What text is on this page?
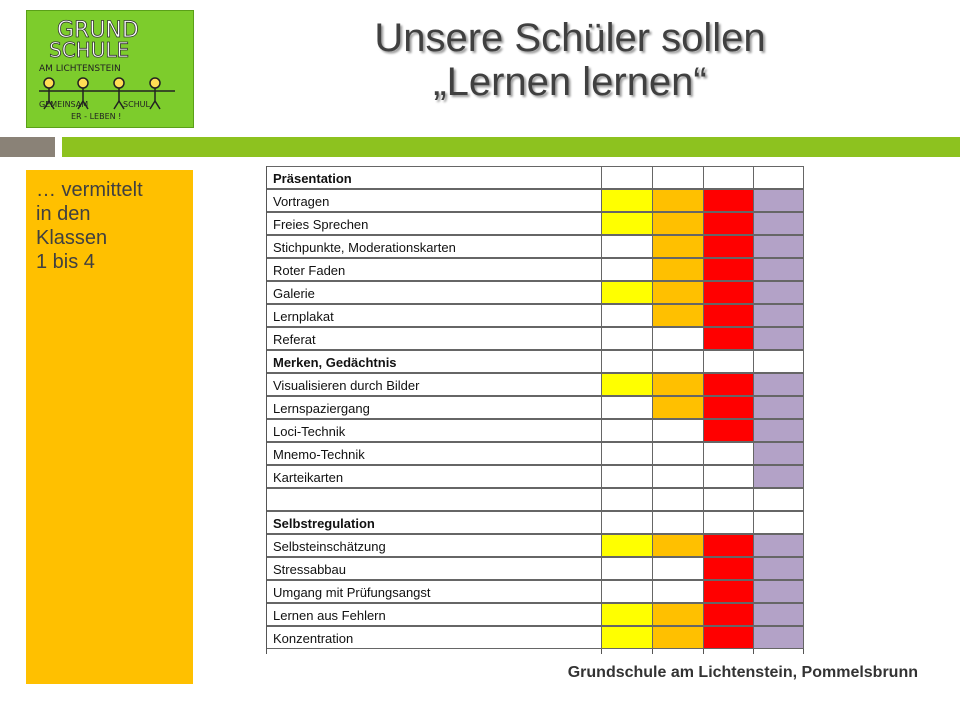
GRUND
SCHULE
AM LICHTENSTEIN
GEMEINSAM	SCHUL
ER - LEBEN !
Unsere Schüler sollen
„Lernen lernen“
… vermittelt
in den
Klassen
1 bis 4
Präsentation
Vortragen
Freies Sprechen
Stichpunkte, Moderationskarten
Roter Faden
Galerie
Lernplakat
Referat
Merken, Gedächtnis
Visualisieren durch Bilder
Lernspaziergang
Loci-Technik
Mnemo-Technik
Karteikarten
Selbstregulation
Selbsteinschätzung
Stressabbau
Umgang mit Prüfungsangst
Lernen aus Fehlern
Konzentration
Grundschule am Lichtenstein, Pommelsbrunn
